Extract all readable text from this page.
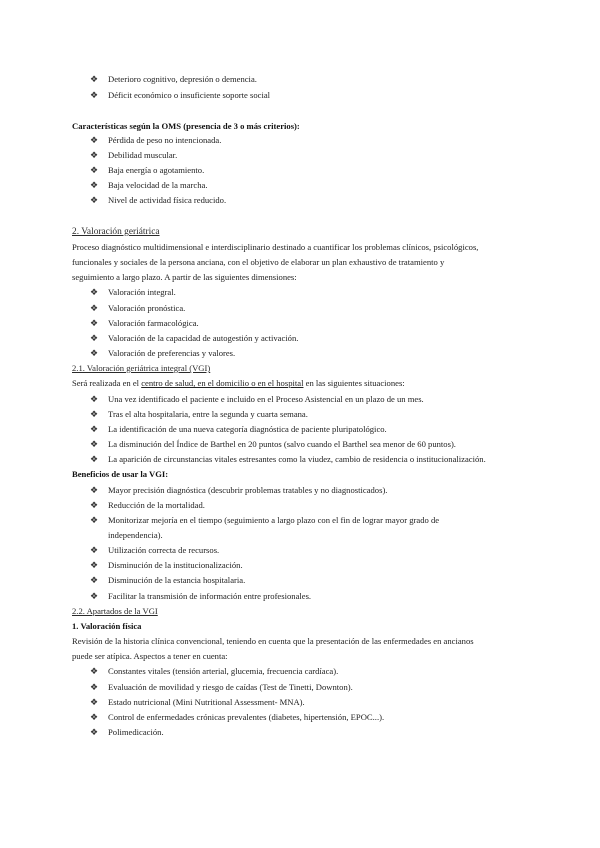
❖ Deterioro cognitivo, depresión o demencia.
❖ Déficit económico o insuficiente soporte social
Características según la OMS (presencia de 3 o más criterios):
❖ Pérdida de peso no intencionada.
❖ Debilidad muscular.
❖ Baja energía o agotamiento.
❖ Baja velocidad de la marcha.
❖ Nivel de actividad física reducido.
2. Valoración geriátrica
Proceso diagnóstico multidimensional e interdisciplinario destinado a cuantificar los problemas clínicos, psicológicos,
funcionales y sociales de la persona anciana, con el objetivo de elaborar un plan exhaustivo de tratamiento y
seguimiento a largo plazo. A partir de las siguientes dimensiones:
❖ Valoración integral.
❖ Valoración pronóstica.
❖ Valoración farmacológica.
❖ Valoración de la capacidad de autogestión y activación.
❖ Valoración de preferencias y valores.
2.1. Valoración geriátrica integral (VGI)
Será realizada en el centro de salud, en el domicilio o en el hospital en las siguientes situaciones:
❖ Una vez identificado el paciente e incluido en el Proceso Asistencial en un plazo de un mes.
❖ Tras el alta hospitalaria, entre la segunda y cuarta semana.
❖ La identificación de una nueva categoría diagnóstica de paciente pluripatológico.
❖ La disminución del Índice de Barthel en 20 puntos (salvo cuando el Barthel sea menor de 60 puntos).
❖ La aparición de circunstancias vitales estresantes como la viudez, cambio de residencia o institucionalización.
Beneficios de usar la VGI:
❖ Mayor precisión diagnóstica (descubrir problemas tratables y no diagnosticados).
❖ Reducción de la mortalidad.
❖ Monitorizar mejoría en el tiempo (seguimiento a largo plazo con el fin de lograr mayor grado de
independencia).
❖ Utilización correcta de recursos.
❖ Disminución de la institucionalización.
❖ Disminución de la estancia hospitalaria.
❖ Facilitar la transmisión de información entre profesionales.
2.2. Apartados de la VGI
1. Valoración física
Revisión de la historia clínica convencional, teniendo en cuenta que la presentación de las enfermedades en ancianos
puede ser atípica. Aspectos a tener en cuenta:
❖ Constantes vitales (tensión arterial, glucemia, frecuencia cardíaca).
❖ Evaluación de movilidad y riesgo de caídas (Test de Tinetti, Downton).
❖ Estado nutricional (Mini Nutritional Assessment- MNA).
❖ Control de enfermedades crónicas prevalentes (diabetes, hipertensión, EPOC...).
❖ Polimedicación.
